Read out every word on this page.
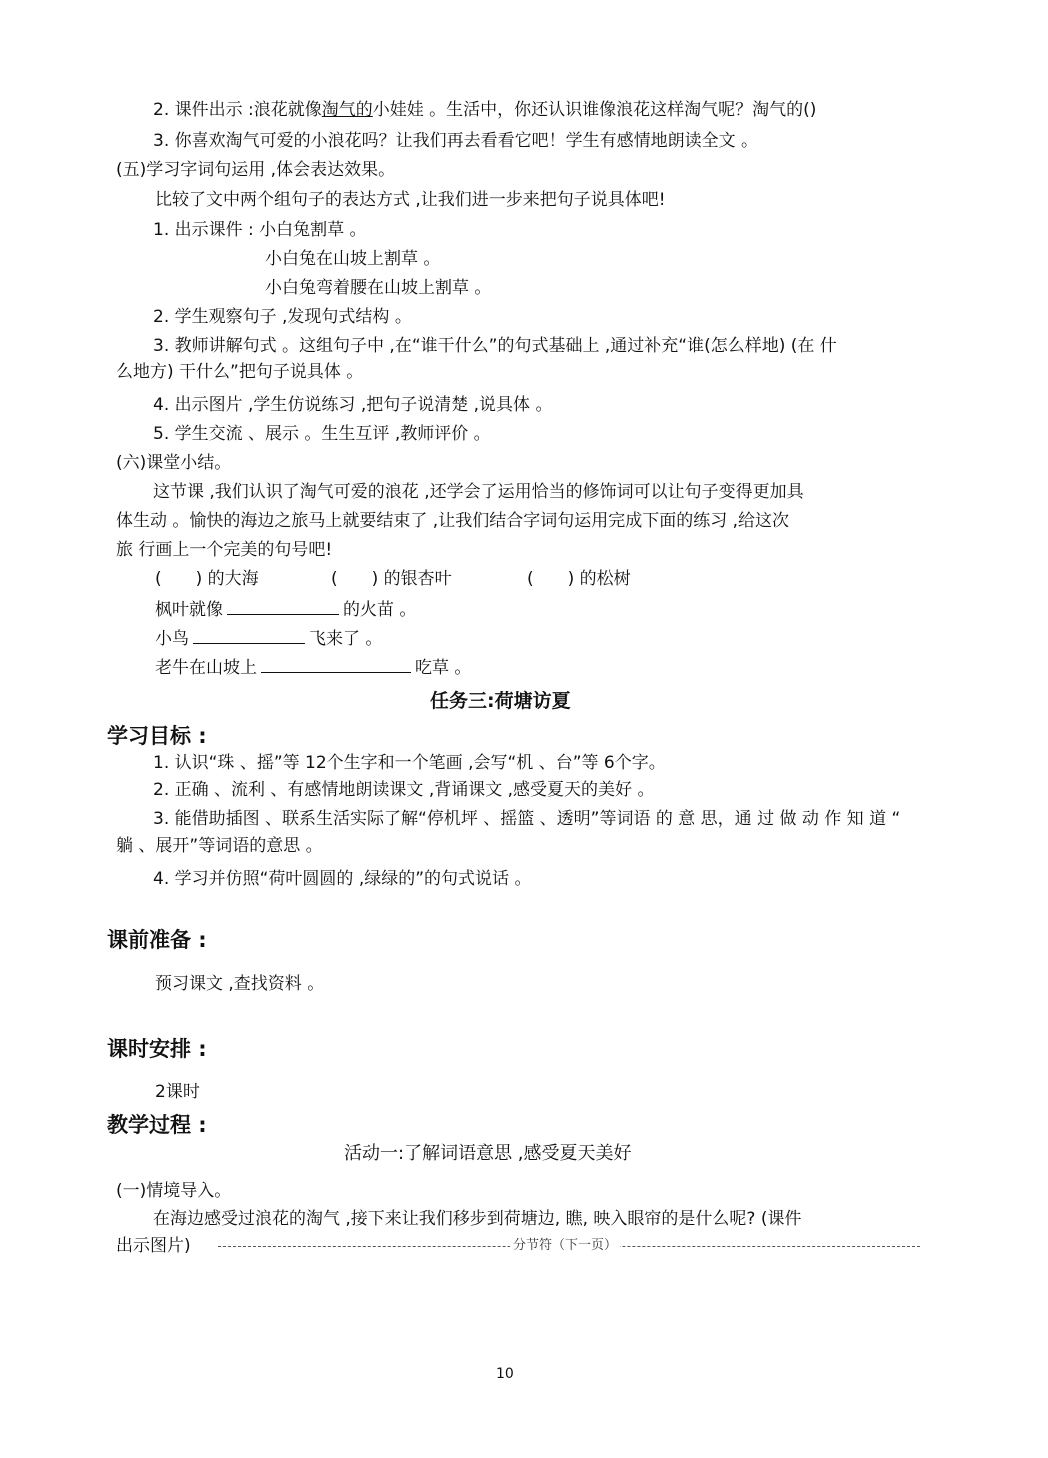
2. 课件出示 :浪花就像淘气的小娃娃 。生活中，你还认识谁像浪花这样淘气呢？淘气的()
3. 你喜欢淘气可爱的小浪花吗？让我们再去看看它吧！学生有感情地朗读全文 。
(五)学习字词句运用 ,体会表达效果。
比较了文中两个组句子的表达方式 ,让我们进一步来把句子说具体吧!
1. 出示课件 : 小白兔割草 。
小白兔在山坡上割草 。
小白兔弯着腰在山坡上割草 。
2. 学生观察句子 ,发现句式结构 。
3. 教师讲解句式 。这组句子中 ,在“谁干什么”的句式基础上 ,通过补充“谁(怎么样地) (在 什
么地方) 干什么”把句子说具体 。
4. 出示图片 ,学生仿说练习 ,把句子说清楚 ,说具体 。
5. 学生交流 、展示 。生生互评 ,教师评价 。
(六)课堂小结。
这节课 ,我们认识了淘气可爱的浪花 ,还学会了运用恰当的修饰词可以让句子变得更加具
体生动 。愉快的海边之旅马上就要结束了 ,让我们结合字词句运用完成下面的练习 ,给这次
旅 行画上一个完美的句号吧!
( ) 的大海	( ) 的银杏叶	( ) 的松树
枫叶就像	的火苗 。
小鸟	飞来了 。
老牛在山坡上	吃草 。
任务三:荷塘访夏
学习目标 :
1. 认识“珠 、摇”等 12个生字和一个笔画 ,会写“机 、台”等 6个字。
2. 正确 、流利 、有感情地朗读课文 ,背诵课文 ,感受夏天的美好 。
3. 能借助插图 、联系生活实际了解“停机坪 、摇篮 、透明”等词语 的 意 思，通 过 做 动 作 知 道 “
躺 、展开”等词语的意思 。
4. 学习并仿照“荷叶圆圆的 ,绿绿的”的句式说话 。
课前准备 :
预习课文 ,查找资料 。
课时安排 :
2课时
教学过程 :
活动一:了解词语意思 ,感受夏天美好
(一)情境导入。
在海边感受过浪花的淘气 ,接下来让我们移步到荷塘边, 瞧, 映入眼帘的是什么呢? (课件
出示图片)	分节符（下一页）
10
